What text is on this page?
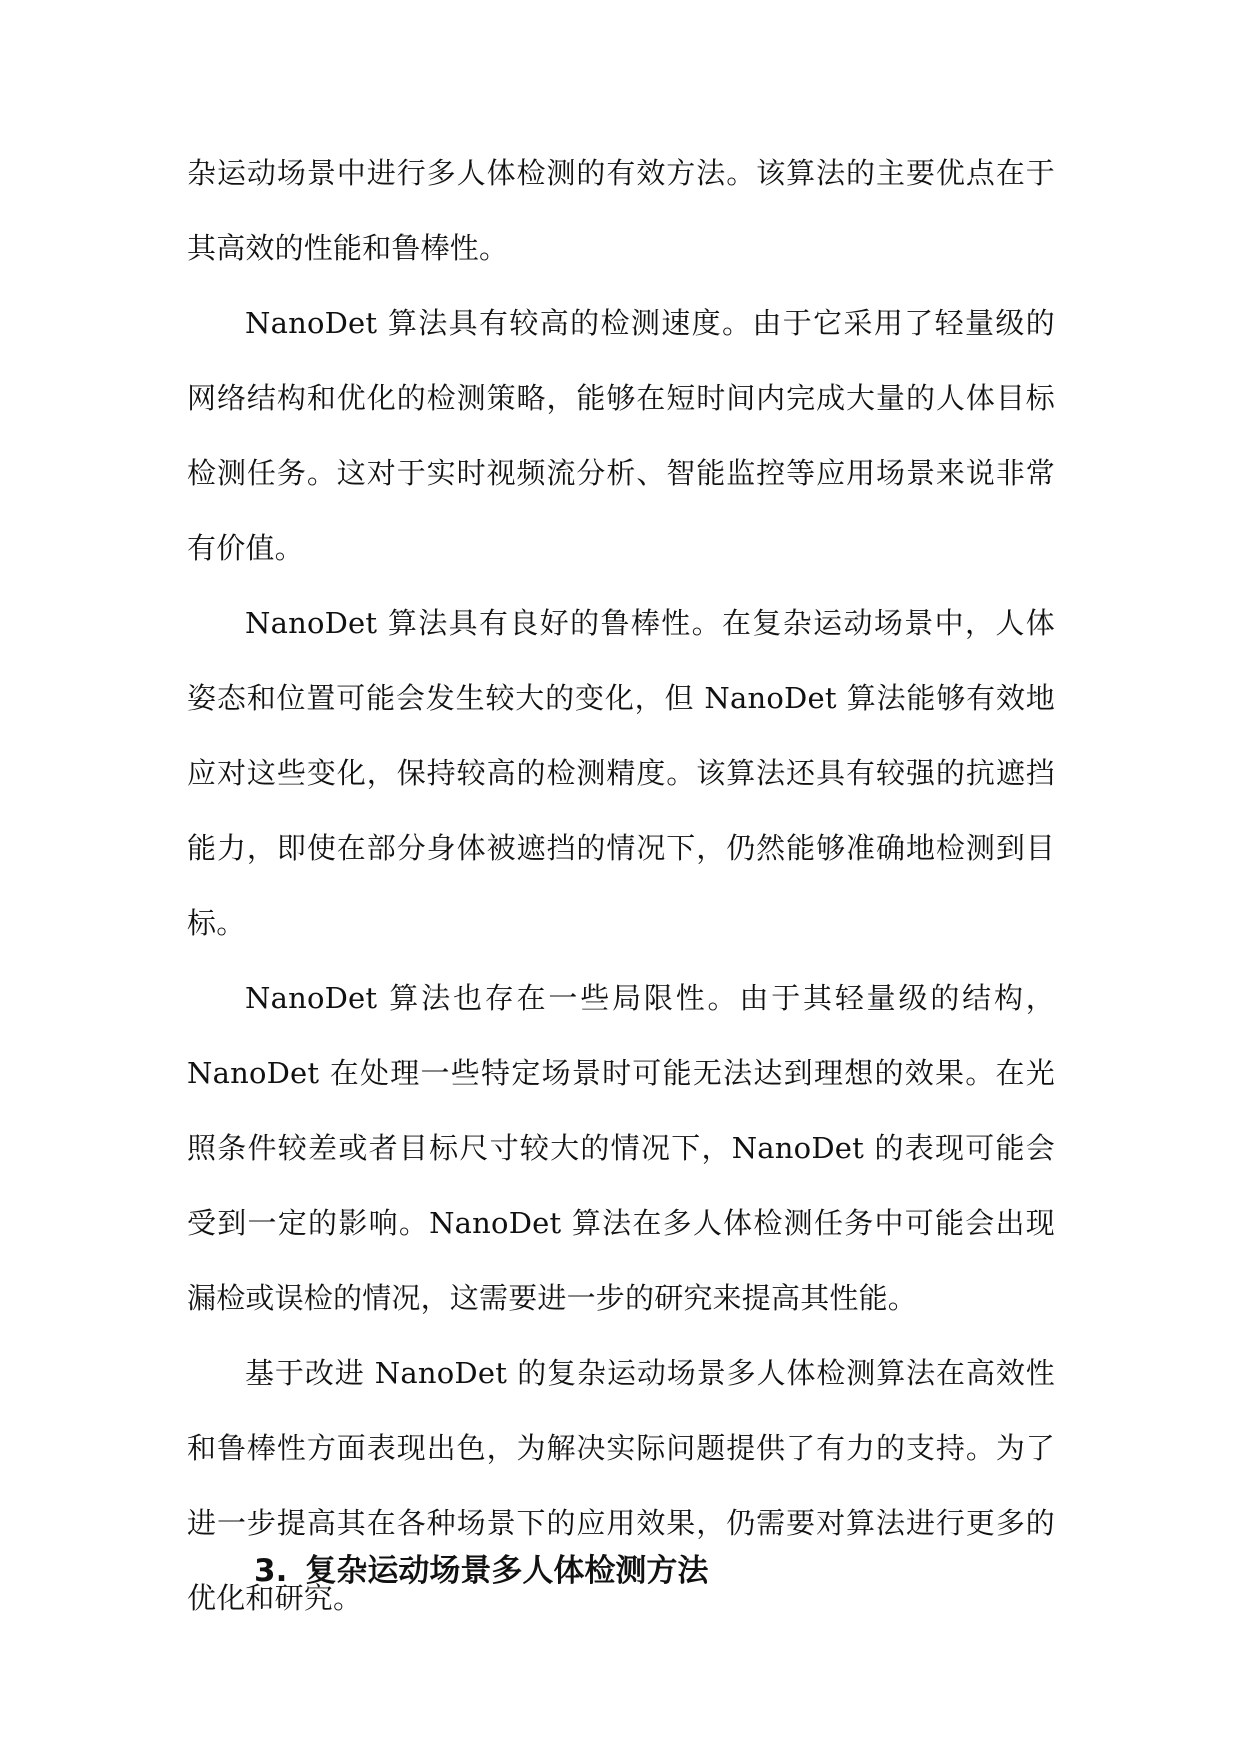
杂运动场景中进行多人体检测的有效方法。该算法的主要优点在于其高效的性能和鲁棒性。

NanoDet 算法具有较高的检测速度。由于它采用了轻量级的网络结构和优化的检测策略，能够在短时间内完成大量的人体目标检测任务。这对于实时视频流分析、智能监控等应用场景来说非常有价值。

NanoDet 算法具有良好的鲁棒性。在复杂运动场景中，人体姿态和位置可能会发生较大的变化，但 NanoDet 算法能够有效地应对这些变化，保持较高的检测精度。该算法还具有较强的抗遮挡能力，即使在部分身体被遮挡的情况下，仍然能够准确地检测到目标。

NanoDet 算法也存在一些局限性。由于其轻量级的结构，NanoDet 在处理一些特定场景时可能无法达到理想的效果。在光照条件较差或者目标尺寸较大的情况下，NanoDet 的表现可能会受到一定的影响。NanoDet 算法在多人体检测任务中可能会出现漏检或误检的情况，这需要进一步的研究来提高其性能。

基于改进 NanoDet 的复杂运动场景多人体检测算法在高效性和鲁棒性方面表现出色，为解决实际问题提供了有力的支持。为了进一步提高其在各种场景下的应用效果，仍需要对算法进行更多的优化和研究。

3. 复杂运动场景多人体检测方法
